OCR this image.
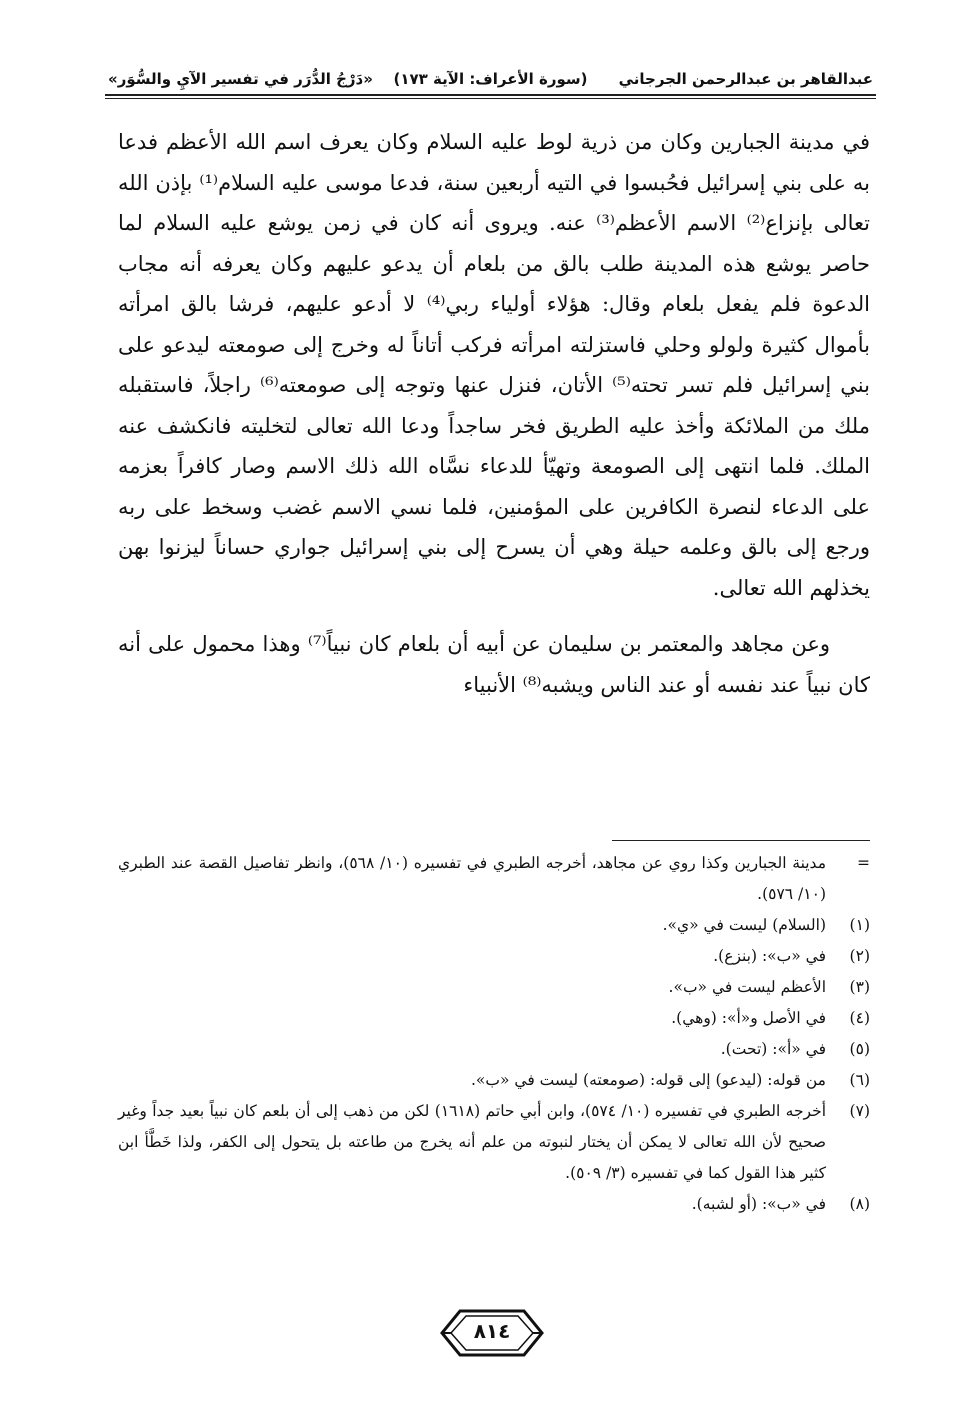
عبدالقاهر بن عبدالرحمن الجرجاني
(سورة الأعراف: الآية ١٧٣)
«دَرْجُ الدُّرَر في تفسير الآيِ والسُّوَر»

في مدينة الجبارين وكان من ذرية لوط عليه السلام وكان يعرف اسم الله الأعظم فدعا به على بني إسرائيل فحُبسوا في التيه أربعين سنة، فدعا موسى عليه السلام⁽¹⁾ بإذن الله تعالى بإنزاع⁽²⁾ الاسم الأعظم⁽³⁾ عنه. ويروى أنه كان في زمن يوشع عليه السلام لما حاصر يوشع هذه المدينة طلب بالق من بلعام أن يدعو عليهم وكان يعرفه أنه مجاب الدعوة فلم يفعل بلعام وقال: هؤلاء أولياء ربي⁽⁴⁾ لا أدعو عليهم، فرشا بالق امرأته بأموال كثيرة ولولو وحلي فاستزلته امرأته فركب أتاناً له وخرج إلى صومعته ليدعو على بني إسرائيل فلم تسر تحته⁽⁵⁾ الأتان، فنزل عنها وتوجه إلى صومعته⁽⁶⁾ راجلاً، فاستقبله ملك من الملائكة وأخذ عليه الطريق فخر ساجداً ودعا الله تعالى لتخليته فانكشف عنه الملك. فلما انتهى إلى الصومعة وتهيّأ للدعاء نسَّاه الله ذلك الاسم وصار كافراً بعزمه على الدعاء لنصرة الكافرين على المؤمنين، فلما نسي الاسم غضب وسخط على ربه ورجع إلى بالق وعلمه حيلة وهي أن يسرح إلى بني إسرائيل جواري حساناً ليزنوا بهن يخذلهم الله تعالى.

وعن مجاهد والمعتمر بن سليمان عن أبيه أن بلعام كان نبياً⁽⁷⁾ وهذا محمول على أنه كان نبياً عند نفسه أو عند الناس ويشبه⁽⁸⁾ الأنبياء

=
مدينة الجبارين وكذا روي عن مجاهد، أخرجه الطبري في تفسيره (١٠/ ٥٦٨)، وانظر تفاصيل القصة عند الطبري (١٠/ ٥٧٦).
(١)
(السلام) ليست في «ي».
(٢)
في «ب»: (بنزع).
(٣)
الأعظم ليست في «ب».
(٤)
في الأصل و«أ»: (وهي).
(٥)
في «أ»: (تحت).
(٦)
من قوله: (ليدعو) إلى قوله: (صومعته) ليست في «ب».
(٧)
أخرجه الطبري في تفسيره (١٠/ ٥٧٤)، وابن أبي حاتم (١٦١٨) لكن من ذهب إلى أن بلعم كان نبياً بعيد جداً وغير صحيح لأن الله تعالى لا يمكن أن يختار لنبوته من علم أنه يخرج من طاعته بل يتحول إلى الكفر، ولذا خَطَّأ ابن كثير هذا القول كما في تفسيره (٣/ ٥٠٩).
(٨)
في «ب»: (أو لشبه).
٨١٤
